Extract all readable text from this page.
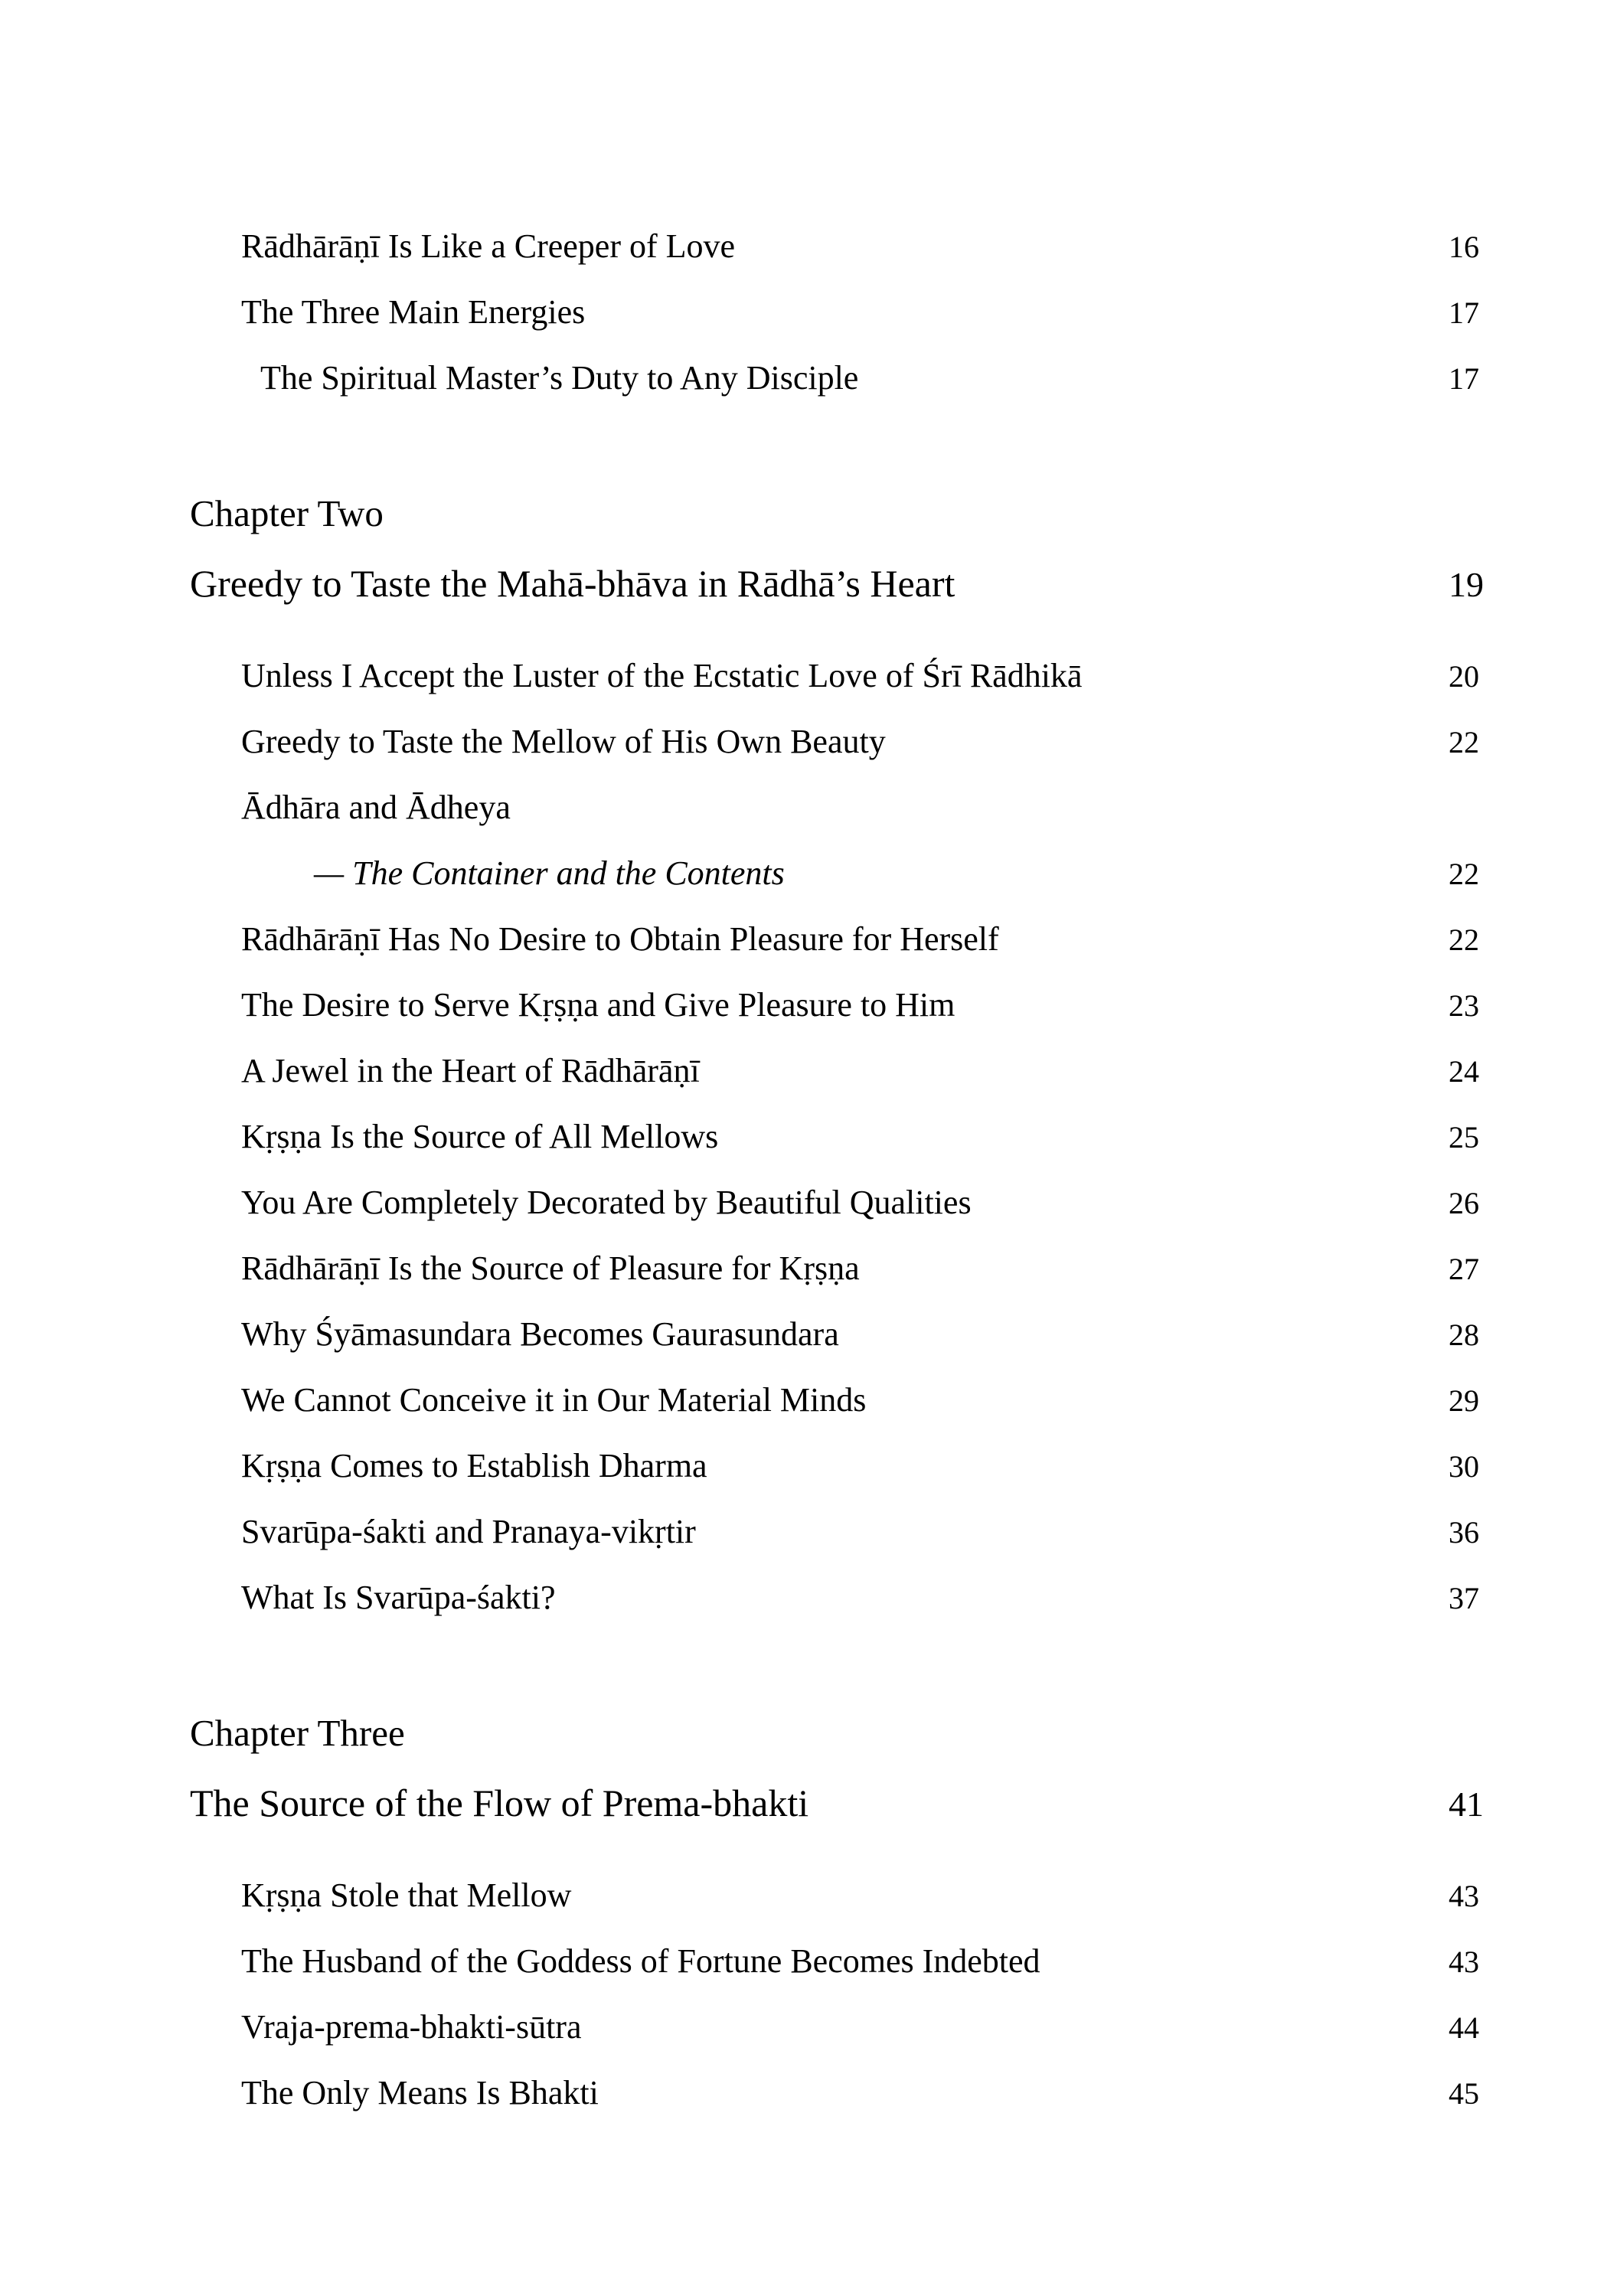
Rādhārāṇī Is Like a Creeper of Love	16
The Three Main Energies	17
The Spiritual Master’s Duty to Any Disciple	17
Chapter Two
Greedy to Taste the Mahā-bhāva in Rādhā’s Heart	19
Unless I Accept the Luster of the Ecstatic Love of Śrī Rādhikā	20
Greedy to Taste the Mellow of His Own Beauty	22
Ādhāra and Ādheya
— The Container and the Contents	22
Rādhārāṇī Has No Desire to Obtain Pleasure for Herself	22
The Desire to Serve Kṛṣṇa and Give Pleasure to Him	23
A Jewel in the Heart of Rādhārāṇī	24
Kṛṣṇa Is the Source of All Mellows	25
You Are Completely Decorated by Beautiful Qualities	26
Rādhārāṇī Is the Source of Pleasure for Kṛṣṇa	27
Why Śyāmasundara Becomes Gaurasundara	28
We Cannot Conceive it in Our Material Minds	29
Kṛṣṇa Comes to Establish Dharma	30
Svarūpa-śakti and Pranaya-vikṛtir	36
What Is Svarūpa-śakti?	37
Chapter Three
The Source of the Flow of Prema-bhakti	41
Kṛṣṇa Stole that Mellow	43
The Husband of the Goddess of Fortune Becomes Indebted	43
Vraja-prema-bhakti-sūtra	44
The Only Means Is Bhakti	45
